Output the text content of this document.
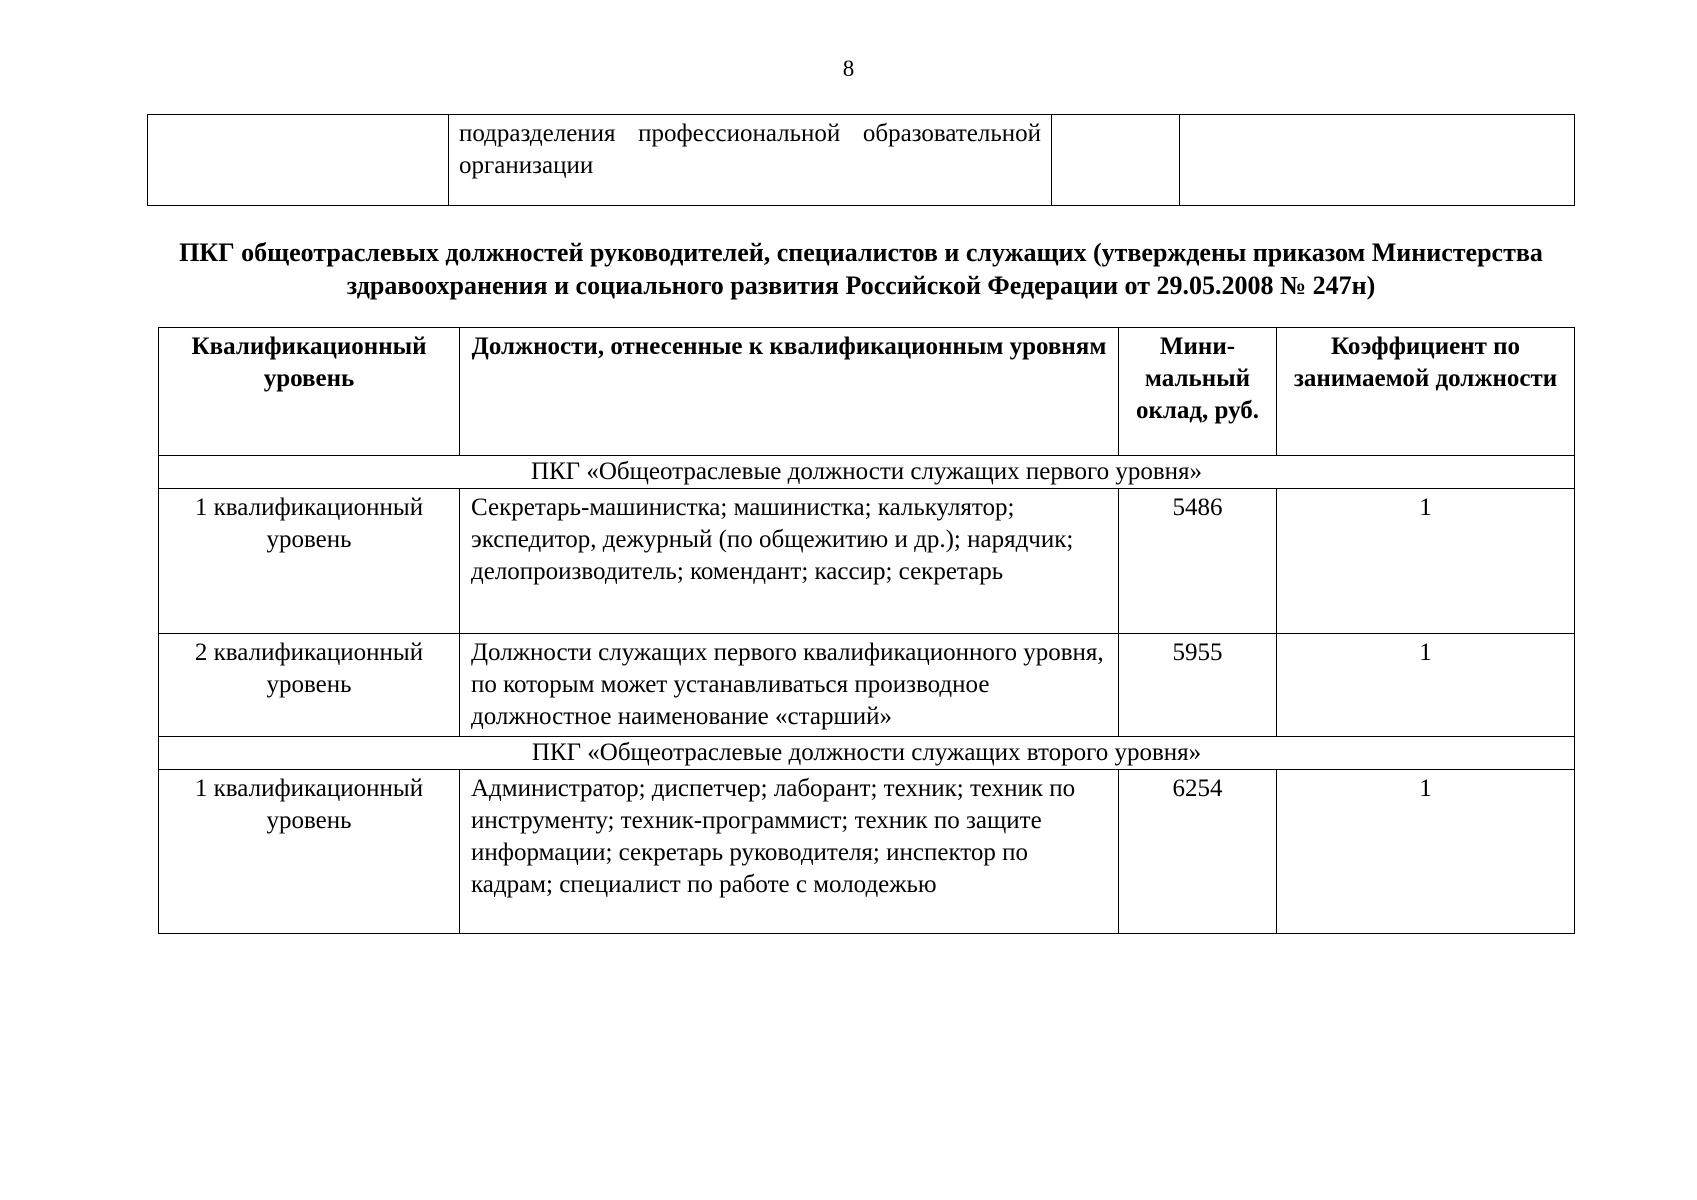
8
	подразделения профессиональной образовательной организации		
ПКГ общеотраслевых должностей руководителей, специалистов и служащих (утверждены приказом Министерства здравоохранения и социального развития Российской Федерации от 29.05.2008 № 247н)
Квалификационный уровень	Должности, отнесенные к квалификационным уровням	Мини-мальный оклад, руб.	Коэффициент по занимаемой должности
ПКГ «Общеотраслевые должности служащих первого уровня»			
1 квалификационный уровень	Секретарь-машинистка; машинистка; калькулятор; экспедитор, дежурный (по общежитию и др.); нарядчик; делопроизводитель; комендант; кассир; секретарь	5486	1
2 квалификационный уровень	Должности служащих первого квалификационного уровня, по которым может устанавливаться производное должностное наименование «старший»	5955	1
ПКГ «Общеотраслевые должности служащих второго уровня»			
1 квалификационный уровень	Администратор; диспетчер; лаборант; техник; техник по инструменту; техник-программист; техник по защите информации; секретарь руководителя; инспектор по кадрам; специалист по работе с молодежью	6254	1
